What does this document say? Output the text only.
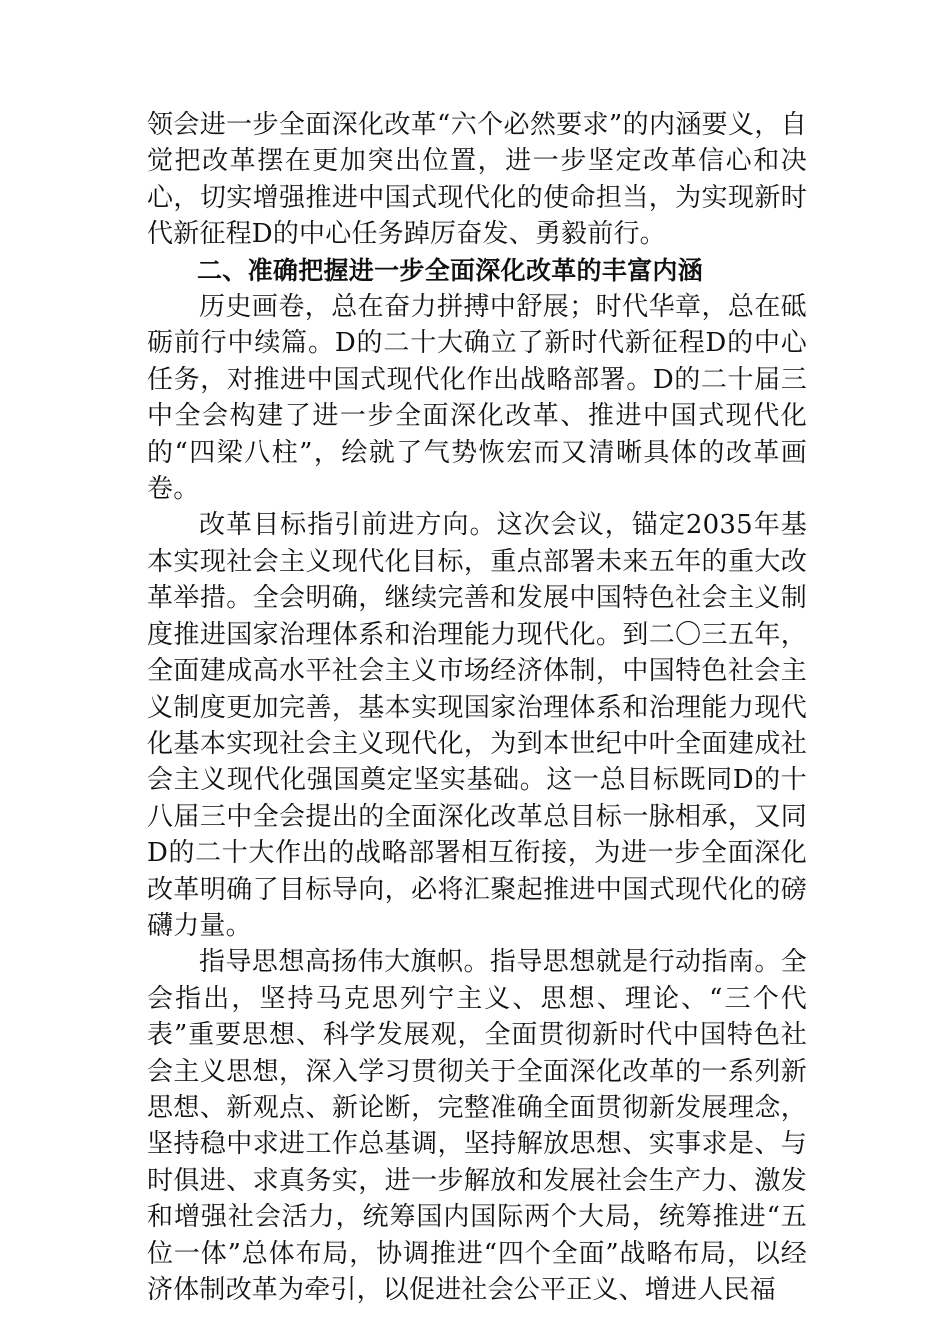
领会进一步全面深化改革“六个必然要求”的内涵要义，自觉把改革摆在更加突出位置，进一步坚定改革信心和决心，切实增强推进中国式现代化的使命担当，为实现新时代新征程D的中心任务踔厉奋发、勇毅前行。

二、准确把握进一步全面深化改革的丰富内涵

历史画卷，总在奋力拼搏中舒展；时代华章，总在砥砺前行中续篇。D的二十大确立了新时代新征程D的中心任务，对推进中国式现代化作出战略部署。D的二十届三中全会构建了进一步全面深化改革、推进中国式现代化的“四梁八柱”，绘就了气势恢宏而又清晰具体的改革画卷。

改革目标指引前进方向。这次会议，锚定2035年基本实现社会主义现代化目标，重点部署未来五年的重大改革举措。全会明确，继续完善和发展中国特色社会主义制度推进国家治理体系和治理能力现代化。到二〇三五年，全面建成高水平社会主义市场经济体制，中国特色社会主义制度更加完善，基本实现国家治理体系和治理能力现代化基本实现社会主义现代化，为到本世纪中叶全面建成社会主义现代化强国奠定坚实基础。这一总目标既同D的十八届三中全会提出的全面深化改革总目标一脉相承，又同D的二十大作出的战略部署相互衔接，为进一步全面深化改革明确了目标导向，必将汇聚起推进中国式现代化的磅礴力量。

指导思想高扬伟大旗帜。指导思想就是行动指南。全会指出，坚持马克思列宁主义、思想、理论、“三个代表”重要思想、科学发展观，全面贯彻新时代中国特色社会主义思想，深入学习贯彻关于全面深化改革的一系列新思想、新观点、新论断，完整准确全面贯彻新发展理念，坚持稳中求进工作总基调，坚持解放思想、实事求是、与时俱进、求真务实，进一步解放和发展社会生产力、激发和增强社会活力，统筹国内国际两个大局，统筹推进“五位一体”总体布局，协调推进“四个全面”战略布局，以经济体制改革为牵引，以促进社会公平正义、增进人民福
